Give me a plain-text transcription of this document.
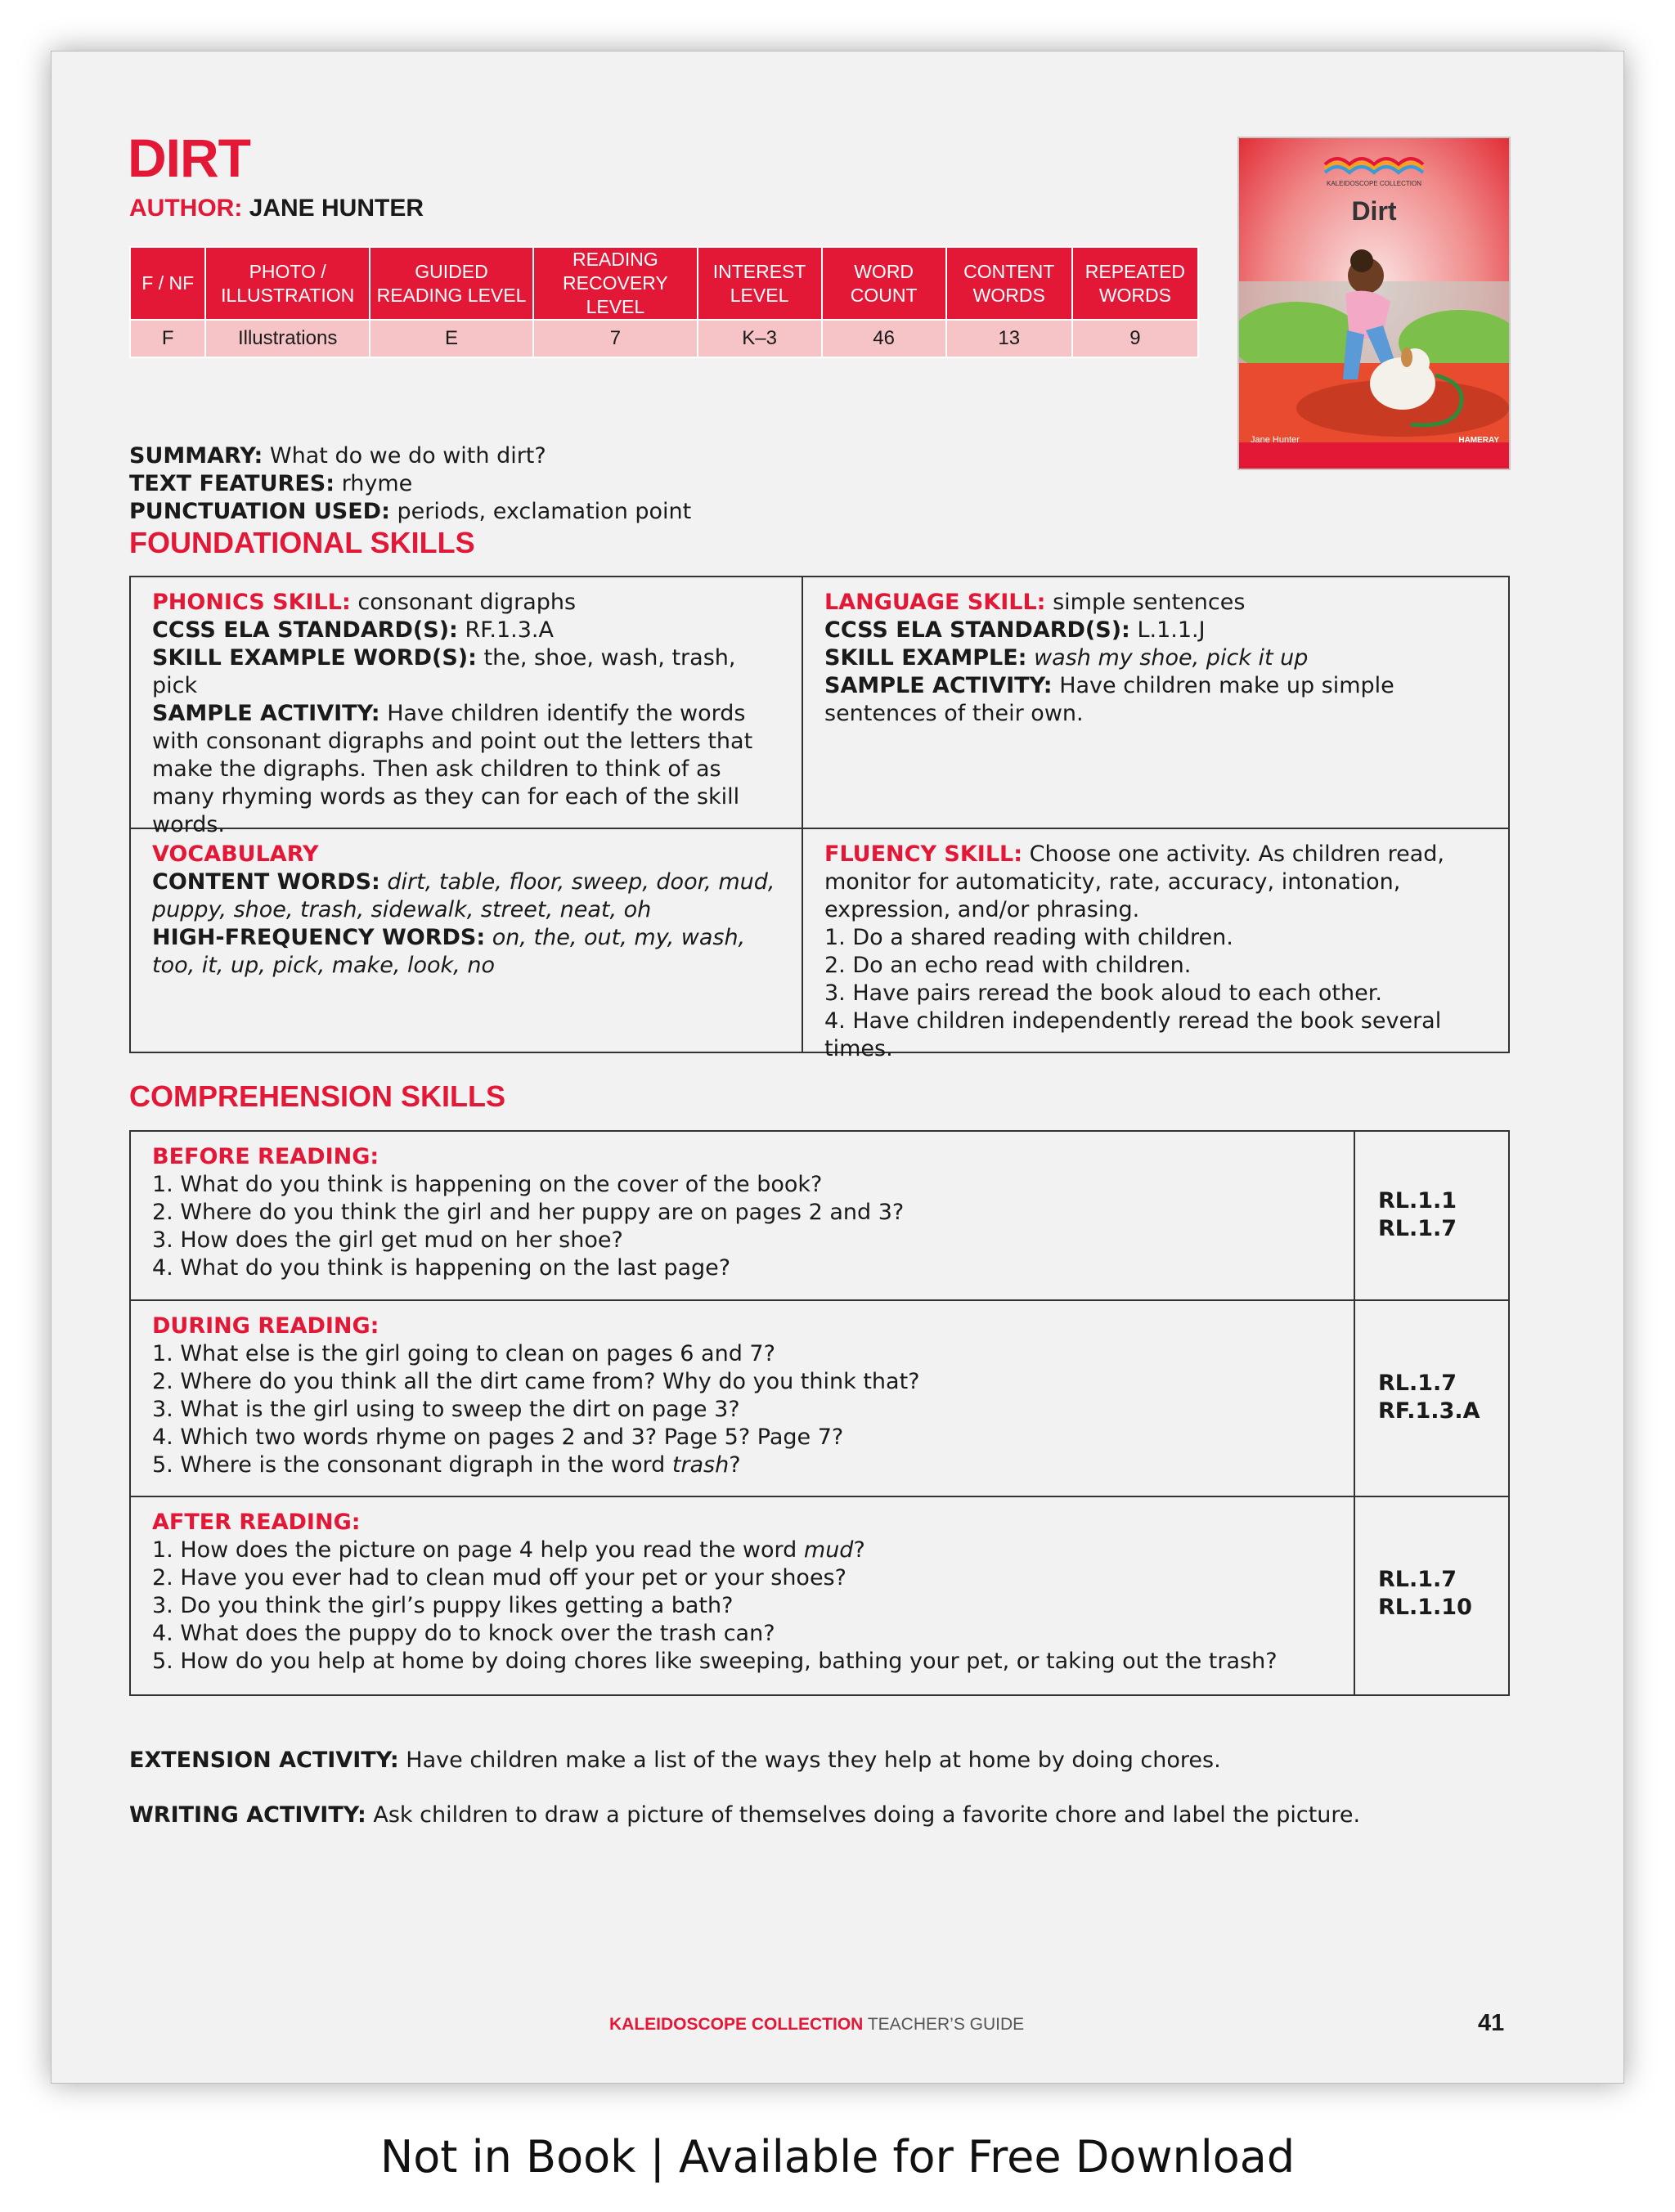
DIRT
AUTHOR: JANE HUNTER
F / NF	PHOTO / ILLUSTRATION	GUIDED READING LEVEL	READING RECOVERY LEVEL	INTEREST LEVEL	WORD COUNT	CONTENT WORDS	REPEATED WORDS
F	Illustrations	E	7	K–3	46	13	9
SUMMARY: What do we do with dirt?
TEXT FEATURES: rhyme
PUNCTUATION USED: periods, exclamation point
KALEIDOSCOPE COLLECTION
Dirt
Jane Hunter	HAMERAY
FOUNDATIONAL SKILLS
PHONICS SKILL: consonant digraphs
CCSS ELA STANDARD(S): RF.1.3.A
SKILL EXAMPLE WORD(S): the, shoe, wash, trash, pick
SAMPLE ACTIVITY: Have children identify the words with consonant digraphs and point out the letters that make the digraphs. Then ask children to think of as many rhyming words as they can for each of the skill words.
LANGUAGE SKILL: simple sentences
CCSS ELA STANDARD(S): L.1.1.J
SKILL EXAMPLE: wash my shoe, pick it up
SAMPLE ACTIVITY: Have children make up simple sentences of their own.
VOCABULARY
CONTENT WORDS: dirt, table, floor, sweep, door, mud, puppy, shoe, trash, sidewalk, street, neat, oh
HIGH-FREQUENCY WORDS: on, the, out, my, wash, too, it, up, pick, make, look, no
FLUENCY SKILL: Choose one activity. As children read, monitor for automaticity, rate, accuracy, intonation, expression, and/or phrasing.
1. Do a shared reading with children.
2. Do an echo read with children.
3. Have pairs reread the book aloud to each other.
4. Have children independently reread the book several times.
COMPREHENSION SKILLS
BEFORE READING:
1. What do you think is happening on the cover of the book?
2. Where do you think the girl and her puppy are on pages 2 and 3?
3. How does the girl get mud on her shoe?
4. What do you think is happening on the last page?
RL.1.1
RL.1.7
DURING READING:
1. What else is the girl going to clean on pages 6 and 7?
2. Where do you think all the dirt came from? Why do you think that?
3. What is the girl using to sweep the dirt on page 3?
4. Which two words rhyme on pages 2 and 3? Page 5? Page 7?
5. Where is the consonant digraph in the word trash?
RL.1.7
RF.1.3.A
AFTER READING:
1. How does the picture on page 4 help you read the word mud?
2. Have you ever had to clean mud off your pet or your shoes?
3. Do you think the girl’s puppy likes getting a bath?
4. What does the puppy do to knock over the trash can?
5. How do you help at home by doing chores like sweeping, bathing your pet, or taking out the trash?
RL.1.7
RL.1.10
EXTENSION ACTIVITY: Have children make a list of the ways they help at home by doing chores.
WRITING ACTIVITY: Ask children to draw a picture of themselves doing a favorite chore and label the picture.
KALEIDOSCOPE COLLECTION TEACHER’S GUIDE	41
Not in Book | Available for Free Download
